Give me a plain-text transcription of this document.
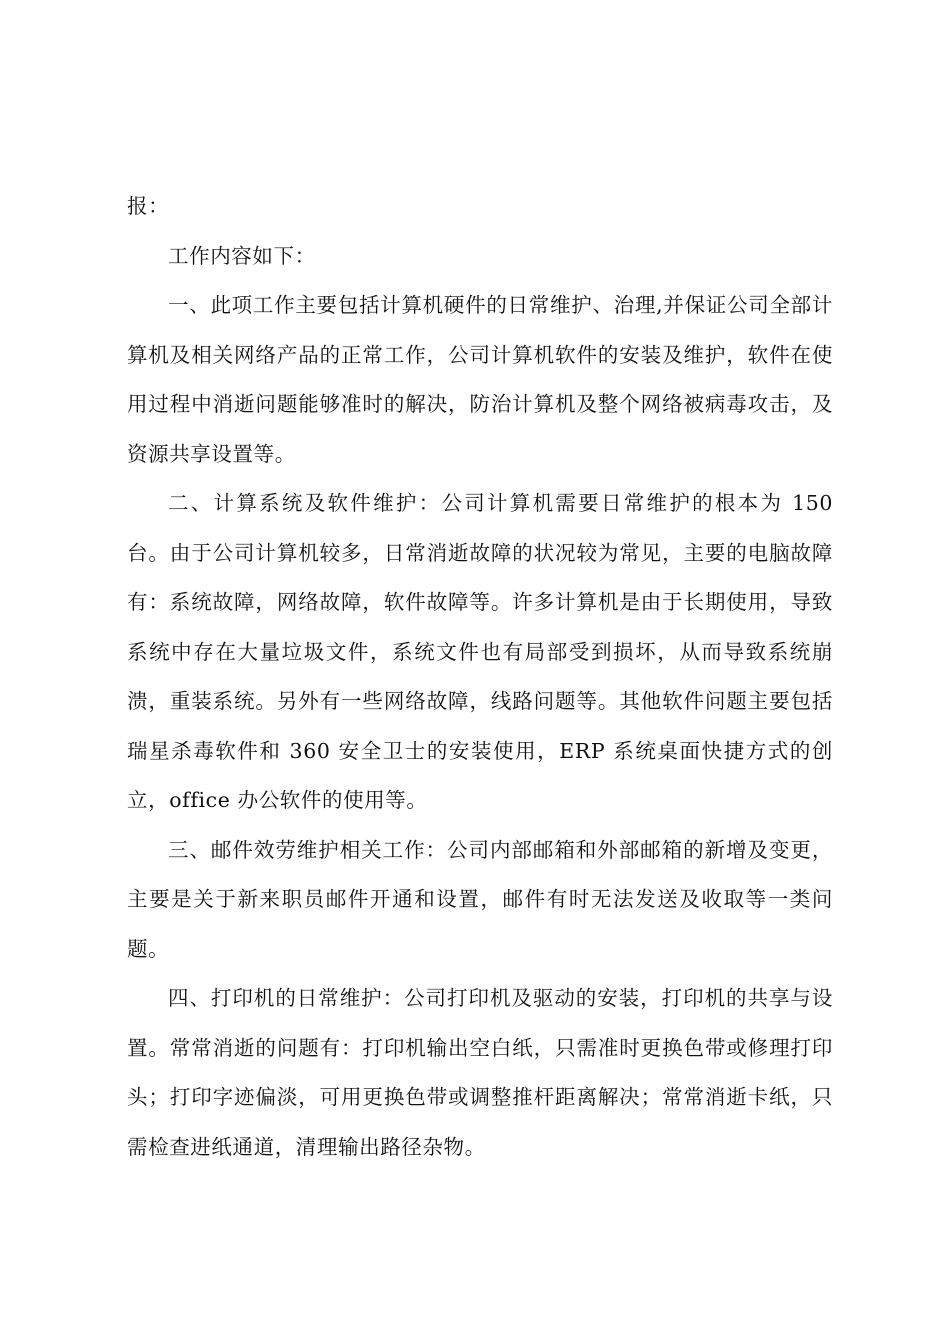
报：

工作内容如下：

一、此项工作主要包括计算机硬件的日常维护、治理,并保证公司全部计算机及相关网络产品的正常工作，公司计算机软件的安装及维护，软件在使用过程中消逝问题能够准时的解决，防治计算机及整个网络被病毒攻击，及资源共享设置等。

二、计算系统及软件维护：公司计算机需要日常维护的根本为 150 台。由于公司计算机较多，日常消逝故障的状况较为常见，主要的电脑故障有：系统故障，网络故障，软件故障等。许多计算机是由于长期使用，导致系统中存在大量垃圾文件，系统文件也有局部受到损坏，从而导致系统崩溃，重装系统。另外有一些网络故障，线路问题等。其他软件问题主要包括瑞星杀毒软件和 360 安全卫士的安装使用，ERP 系统桌面快捷方式的创立，office 办公软件的使用等。

三、邮件效劳维护相关工作：公司内部邮箱和外部邮箱的新增及变更，主要是关于新来职员邮件开通和设置，邮件有时无法发送及收取等一类问题。

四、打印机的日常维护：公司打印机及驱动的安装，打印机的共享与设置。常常消逝的问题有：打印机输出空白纸，只需准时更换色带或修理打印头；打印字迹偏淡，可用更换色带或调整推杆距离解决；常常消逝卡纸，只需检查进纸通道，清理输出路径杂物。
